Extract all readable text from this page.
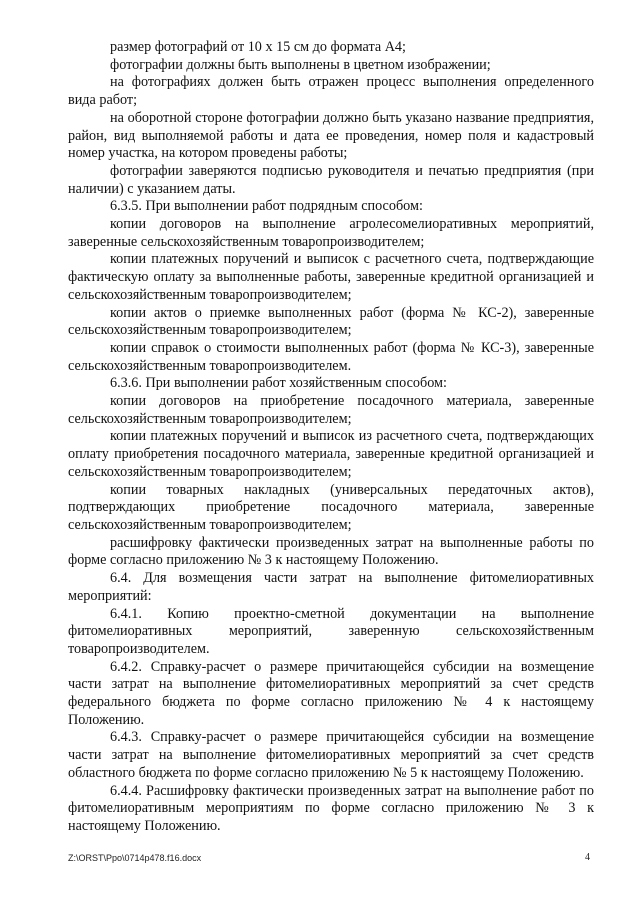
размер фотографий от 10 х 15 см до формата А4;

фотографии должны быть выполнены в цветном изображении;

на фотографиях должен быть отражен процесс выполнения определенного вида работ;

на оборотной стороне фотографии должно быть указано название предприятия, район, вид выполняемой работы и дата ее проведения, номер поля и кадастровый номер участка, на котором проведены работы;

фотографии заверяются подписью руководителя и печатью предприятия (при наличии) с указанием даты.

6.3.5. При выполнении работ подрядным способом:

копии договоров на выполнение агролесомелиоративных мероприятий, заверенные сельскохозяйственным товаропроизводителем;

копии платежных поручений и выписок с расчетного счета, подтверждающие фактическую оплату за выполненные работы, заверенные кредитной организацией и сельскохозяйственным товаропроизводителем;

копии актов о приемке выполненных работ (форма № КС-2), заверенные сельскохозяйственным товаропроизводителем;

копии справок о стоимости выполненных работ (форма № КС-3), заверенные сельскохозяйственным товаропроизводителем.

6.3.6. При выполнении работ хозяйственным способом:

копии договоров на приобретение посадочного материала, заверенные сельскохозяйственным товаропроизводителем;

копии платежных поручений и выписок из расчетного счета, подтверждающих оплату приобретения посадочного материала, заверенные кредитной организацией и сельскохозяйственным товаропроизводителем;

копии товарных накладных (универсальных передаточных актов), подтверждающих приобретение посадочного материала, заверенные сельскохозяйственным товаропроизводителем;

расшифровку фактически произведенных затрат на выполненные работы по форме согласно приложению № 3 к настоящему Положению.

6.4. Для возмещения части затрат на выполнение фитомелиоративных мероприятий:

6.4.1. Копию проектно-сметной документации на выполнение фитомелиоративных мероприятий, заверенную сельскохозяйственным товаропроизводителем.

6.4.2. Справку-расчет о размере причитающейся субсидии на возмещение части затрат на выполнение фитомелиоративных мероприятий за счет средств федерального бюджета по форме согласно приложению № 4 к настоящему Положению.

6.4.3. Справку-расчет о размере причитающейся субсидии на возмещение части затрат на выполнение фитомелиоративных мероприятий за счет средств областного бюджета по форме согласно приложению № 5 к настоящему Положению.

6.4.4. Расшифровку фактически произведенных затрат на выполнение работ по фитомелиоративным мероприятиям по форме согласно приложению № 3 к настоящему Положению.

Z:\ORST\Ppo\0714p478.f16.docx	4
